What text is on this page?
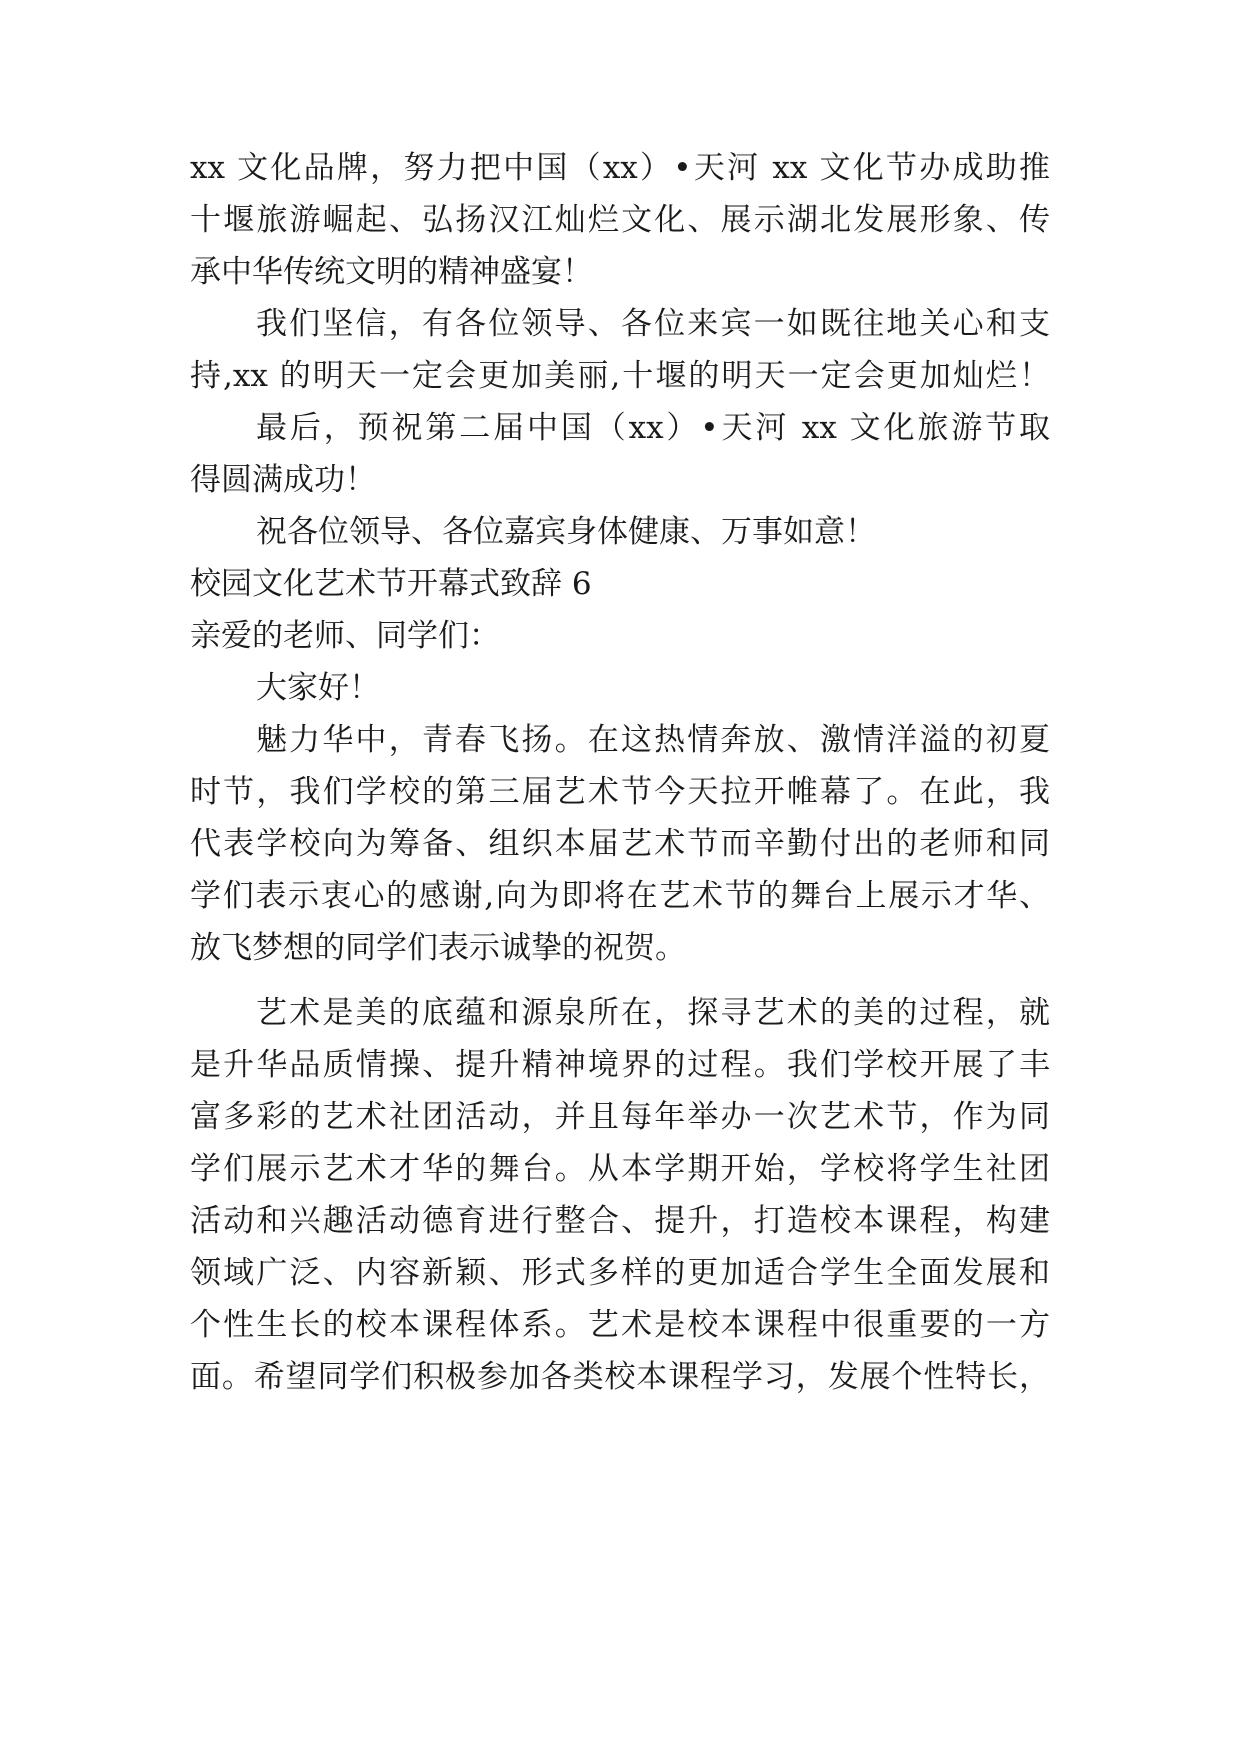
xx 文化品牌，努力把中国（xx）•天河 xx 文化节办成助推
十堰旅游崛起、弘扬汉江灿烂文化、展示湖北发展形象、传
承中华传统文明的精神盛宴！
我们坚信，有各位领导、各位来宾一如既往地关心和支
持,xx 的明天一定会更加美丽,十堰的明天一定会更加灿烂！
最后，预祝第二届中国（xx）•天河 xx 文化旅游节取
得圆满成功！
祝各位领导、各位嘉宾身体健康、万事如意！
校园文化艺术节开幕式致辞 6
亲爱的老师、同学们：
大家好！
魅力华中，青春飞扬。在这热情奔放、激情洋溢的初夏
时节，我们学校的第三届艺术节今天拉开帷幕了。在此，我
代表学校向为筹备、组织本届艺术节而辛勤付出的老师和同
学们表示衷心的感谢,向为即将在艺术节的舞台上展示才华、
放飞梦想的同学们表示诚挚的祝贺。
艺术是美的底蕴和源泉所在，探寻艺术的美的过程，就
是升华品质情操、提升精神境界的过程。我们学校开展了丰
富多彩的艺术社团活动，并且每年举办一次艺术节，作为同
学们展示艺术才华的舞台。从本学期开始，学校将学生社团
活动和兴趣活动德育进行整合、提升，打造校本课程，构建
领域广泛、内容新颖、形式多样的更加适合学生全面发展和
个性生长的校本课程体系。艺术是校本课程中很重要的一方
面。希望同学们积极参加各类校本课程学习，发展个性特长，
